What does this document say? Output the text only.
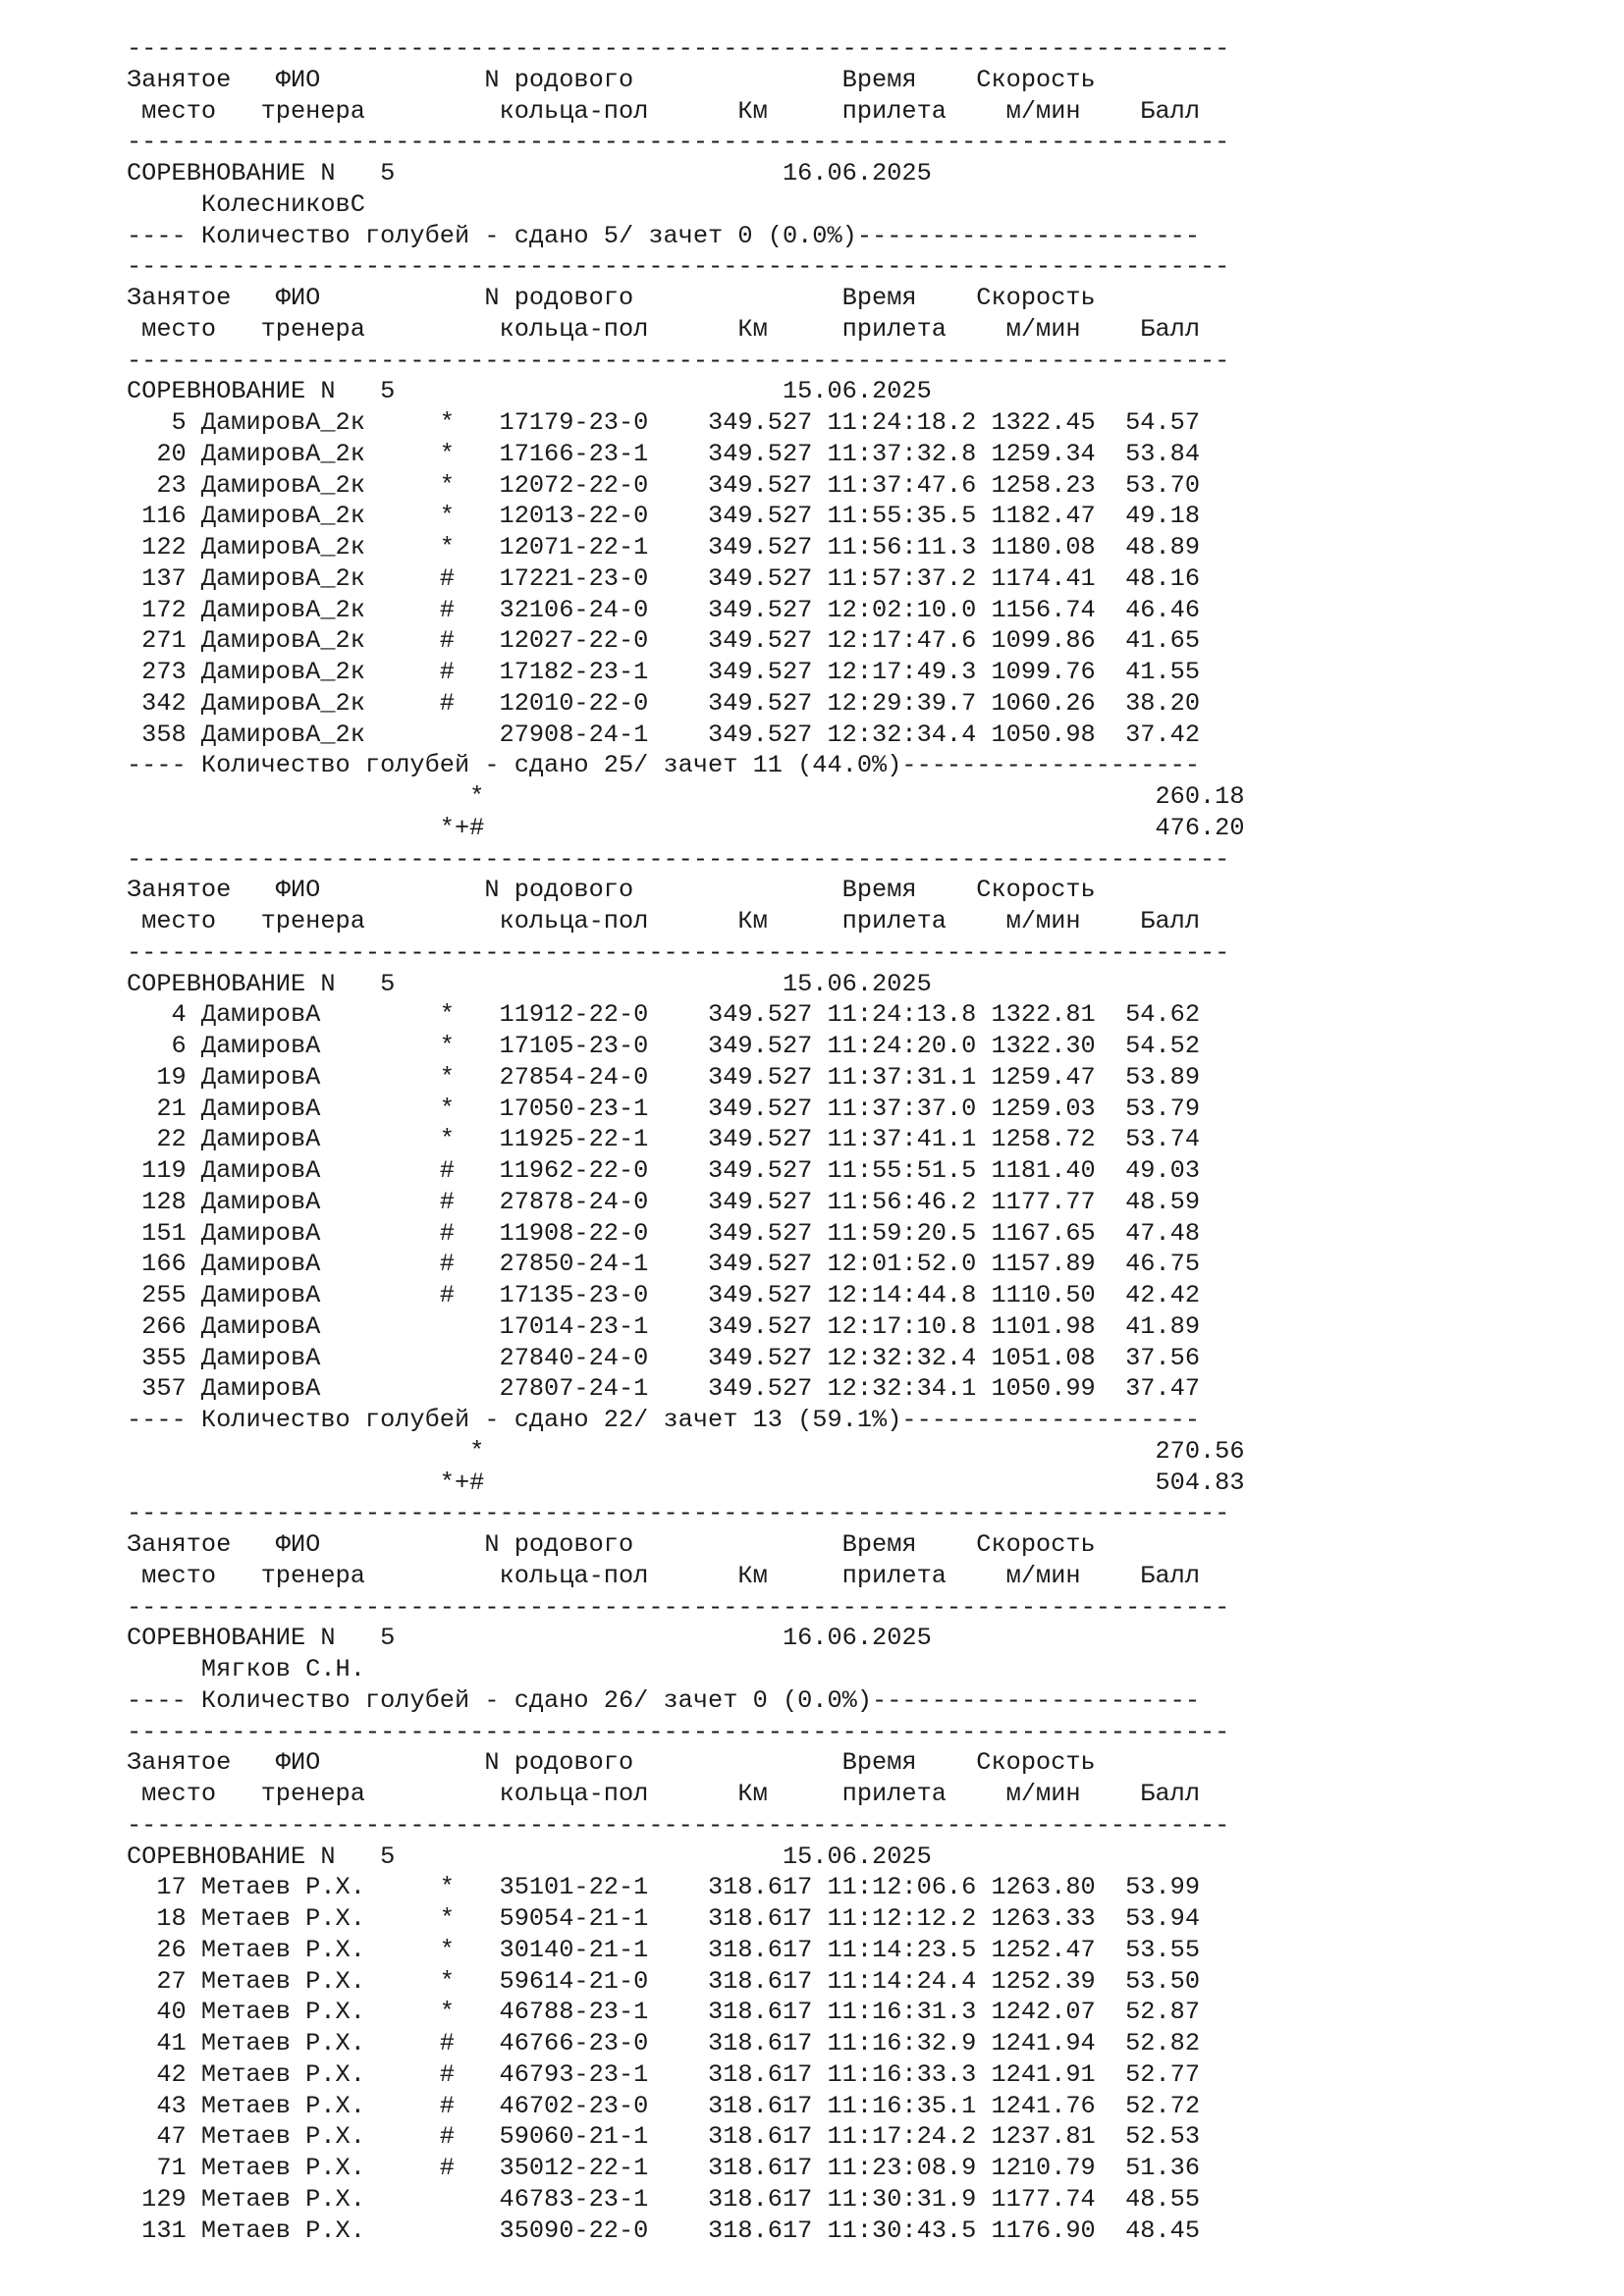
--------------------------------------------------------------------------
Занятое   ФИО           N родового              Время    Скорость
место   тренера         кольца-пол      Км     прилета    м/мин    Балл
--------------------------------------------------------------------------
СОРЕВНОВАНИЕ N   5                          16.06.2025
КолесниковС
---- Количество голубей - сдано 5/ зачет 0 (0.0%)-----------------------
--------------------------------------------------------------------------
Занятое   ФИО           N родового              Время    Скорость
место   тренера         кольца-пол      Км     прилета    м/мин    Балл
--------------------------------------------------------------------------
СОРЕВНОВАНИЕ N   5                          15.06.2025
5 ДамировА_2к     *   17179-23-0    349.527 11:24:18.2 1322.45  54.57
20 ДамировА_2к     *   17166-23-1    349.527 11:37:32.8 1259.34  53.84
23 ДамировА_2к     *   12072-22-0    349.527 11:37:47.6 1258.23  53.70
116 ДамировА_2к     *   12013-22-0    349.527 11:55:35.5 1182.47  49.18
122 ДамировА_2к     *   12071-22-1    349.527 11:56:11.3 1180.08  48.89
137 ДамировА_2к     #   17221-23-0    349.527 11:57:37.2 1174.41  48.16
172 ДамировА_2к     #   32106-24-0    349.527 12:02:10.0 1156.74  46.46
271 ДамировА_2к     #   12027-22-0    349.527 12:17:47.6 1099.86  41.65
273 ДамировА_2к     #   17182-23-1    349.527 12:17:49.3 1099.76  41.55
342 ДамировА_2к     #   12010-22-0    349.527 12:29:39.7 1060.26  38.20
358 ДамировА_2к         27908-24-1    349.527 12:32:34.4 1050.98  37.42
---- Количество голубей - сдано 25/ зачет 11 (44.0%)--------------------
*                                             260.18
*+#                                             476.20
--------------------------------------------------------------------------
Занятое   ФИО           N родового              Время    Скорость
место   тренера         кольца-пол      Км     прилета    м/мин    Балл
--------------------------------------------------------------------------
СОРЕВНОВАНИЕ N   5                          15.06.2025
4 ДамировА        *   11912-22-0    349.527 11:24:13.8 1322.81  54.62
6 ДамировА        *   17105-23-0    349.527 11:24:20.0 1322.30  54.52
19 ДамировА        *   27854-24-0    349.527 11:37:31.1 1259.47  53.89
21 ДамировА        *   17050-23-1    349.527 11:37:37.0 1259.03  53.79
22 ДамировА        *   11925-22-1    349.527 11:37:41.1 1258.72  53.74
119 ДамировА        #   11962-22-0    349.527 11:55:51.5 1181.40  49.03
128 ДамировА        #   27878-24-0    349.527 11:56:46.2 1177.77  48.59
151 ДамировА        #   11908-22-0    349.527 11:59:20.5 1167.65  47.48
166 ДамировА        #   27850-24-1    349.527 12:01:52.0 1157.89  46.75
255 ДамировА        #   17135-23-0    349.527 12:14:44.8 1110.50  42.42
266 ДамировА            17014-23-1    349.527 12:17:10.8 1101.98  41.89
355 ДамировА            27840-24-0    349.527 12:32:32.4 1051.08  37.56
357 ДамировА            27807-24-1    349.527 12:32:34.1 1050.99  37.47
---- Количество голубей - сдано 22/ зачет 13 (59.1%)--------------------
*                                             270.56
*+#                                             504.83
--------------------------------------------------------------------------
Занятое   ФИО           N родового              Время    Скорость
место   тренера         кольца-пол      Км     прилета    м/мин    Балл
--------------------------------------------------------------------------
СОРЕВНОВАНИЕ N   5                          16.06.2025
Мягков С.Н.
---- Количество голубей - сдано 26/ зачет 0 (0.0%)----------------------
--------------------------------------------------------------------------
Занятое   ФИО           N родового              Время    Скорость
место   тренера         кольца-пол      Км     прилета    м/мин    Балл
--------------------------------------------------------------------------
СОРЕВНОВАНИЕ N   5                          15.06.2025
17 Метаев Р.Х.     *   35101-22-1    318.617 11:12:06.6 1263.80  53.99
18 Метаев Р.Х.     *   59054-21-1    318.617 11:12:12.2 1263.33  53.94
26 Метаев Р.Х.     *   30140-21-1    318.617 11:14:23.5 1252.47  53.55
27 Метаев Р.Х.     *   59614-21-0    318.617 11:14:24.4 1252.39  53.50
40 Метаев Р.Х.     *   46788-23-1    318.617 11:16:31.3 1242.07  52.87
41 Метаев Р.Х.     #   46766-23-0    318.617 11:16:32.9 1241.94  52.82
42 Метаев Р.Х.     #   46793-23-1    318.617 11:16:33.3 1241.91  52.77
43 Метаев Р.Х.     #   46702-23-0    318.617 11:16:35.1 1241.76  52.72
47 Метаев Р.Х.     #   59060-21-1    318.617 11:17:24.2 1237.81  52.53
71 Метаев Р.Х.     #   35012-22-1    318.617 11:23:08.9 1210.79  51.36
129 Метаев Р.Х.         46783-23-1    318.617 11:30:31.9 1177.74  48.55
131 Метаев Р.Х.         35090-22-0    318.617 11:30:43.5 1176.90  48.45
